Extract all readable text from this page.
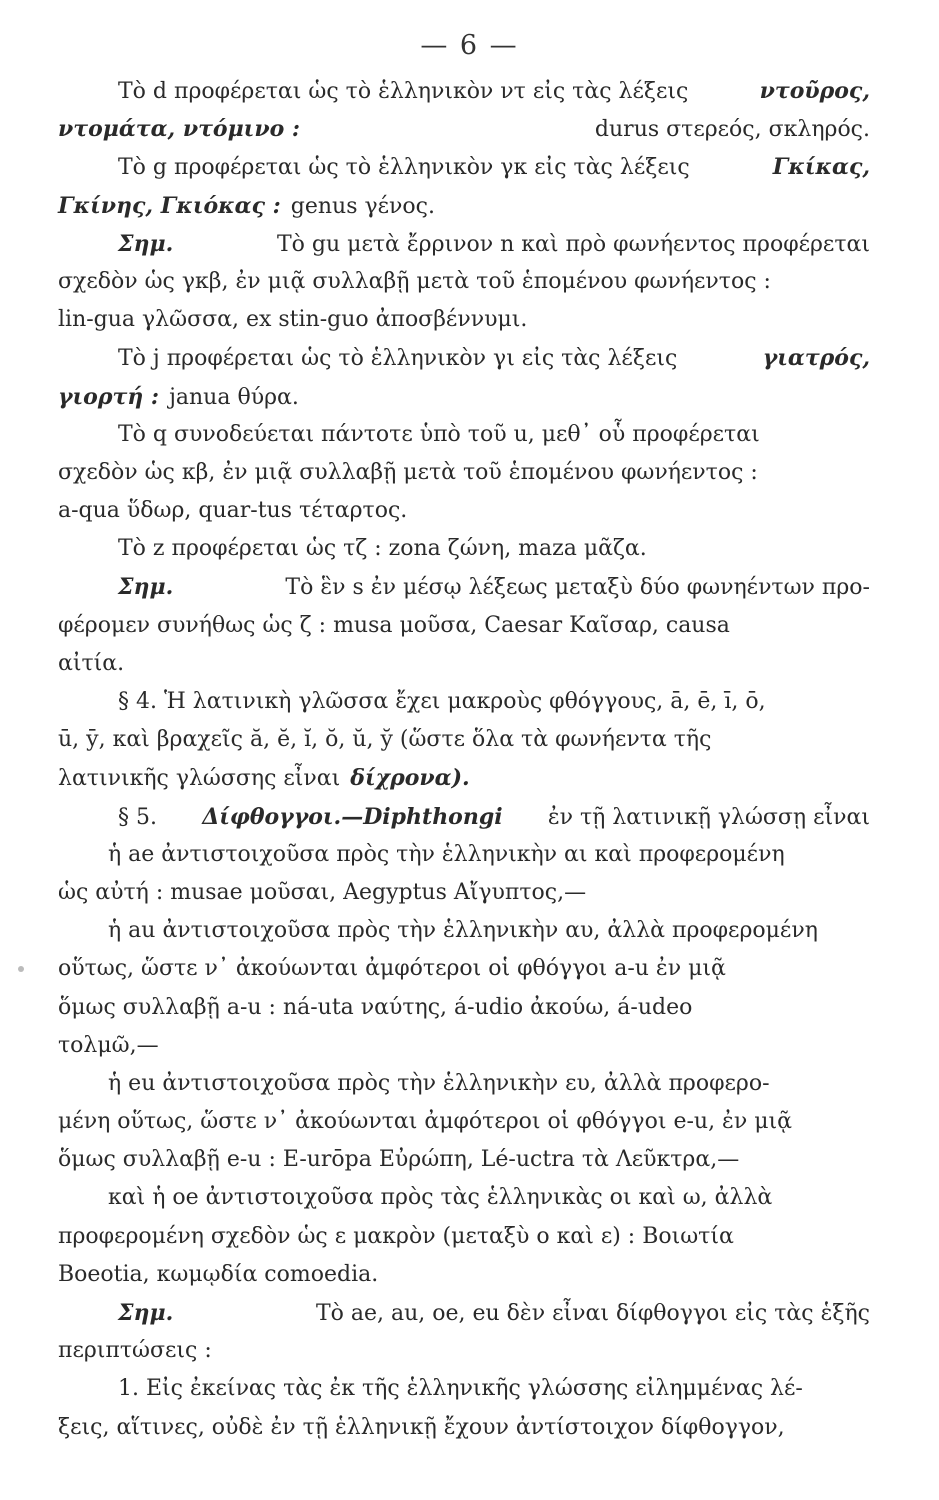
— 6 —
Τὸ d προφέρεται ὡς τὸ ἑλληνικὸν ντ εἰς τὰς λέξεις	ντοῦρος,
ντομάτα, ντόμινο :	durus στερεός, σκληρός.
Τὸ g προφέρεται ὡς τὸ ἑλληνικὸν γκ εἰς τὰς λέξεις	Γκίκας,
Γκίνης, Γκιόκας : genus γένος.
Σημ.	Τὸ gu μετὰ ἔρρινον n καὶ πρὸ φωνήεντος προφέρεται
σχεδὸν ὡς γκβ, ἐν μιᾷ συλλαβῇ μετὰ τοῦ ἑπομένου φωνήεντος :
lin-gua γλῶσσα, ex stin-guo ἀποσβέννυμι.
Τὸ j προφέρεται ὡς τὸ ἑλληνικὸν γι εἰς τὰς λέξεις	γιατρός,
γιορτή : janua θύρα.
Τὸ q συνοδεύεται πάντοτε ὑπὸ τοῦ u, μεθ᾿ οὗ προφέρεται
σχεδὸν ὡς κβ, ἐν μιᾷ συλλαβῇ μετὰ τοῦ ἑπομένου φωνήεντος :
a-qua ὕδωρ, quar-tus τέταρτος.
Τὸ z προφέρεται ὡς τζ : zona ζώνη, maza μᾶζα.
Σημ.	Τὸ ἓν s ἐν μέσῳ λέξεως μεταξὺ δύο φωνηέντων προ-
φέρομεν συνήθως ὡς ζ : musa μοῦσα, Caesar Καῖσαρ, causa
αἰτία.
§ 4. Ἡ λατινικὴ γλῶσσα ἔχει μακροὺς φθόγγους, ā, ē, ī, ō,
ū, ȳ, καὶ βραχεῖς ă, ĕ, ĭ, ŏ, ŭ, y̆ (ὥστε ὅλα τὰ φωνήεντα τῆς
λατινικῆς γλώσσης εἶναι δίχρονα).
§ 5. Δίφθογγοι.—Diphthongi ἐν τῇ λατινικῇ γλώσσῃ εἶναι
ἡ ae ἀντιστοιχοῦσα πρὸς τὴν ἑλληνικὴν αι καὶ προφερομένη
ὡς αὐτή : musae μοῦσαι, Aegyptus Αἴγυπτος,—
ἡ au ἀντιστοιχοῦσα πρὸς τὴν ἑλληνικὴν αυ, ἀλλὰ προφερομένη
οὕτως, ὥστε ν᾿ ἀκούωνται ἀμφότεροι οἱ φθόγγοι a-u ἐν μιᾷ
ὅμως συλλαβῇ a-u : ná-uta ναύτης, á-udio ἀκούω, á-udeo
τολμῶ,—
ἡ eu ἀντιστοιχοῦσα πρὸς τὴν ἑλληνικὴν ευ, ἀλλὰ προφερο-
μένη οὕτως, ὥστε ν᾿ ἀκούωνται ἀμφότεροι οἱ φθόγγοι e-u, ἐν μιᾷ
ὅμως συλλαβῇ e-u : E-urōpa Εὐρώπη, Lé-uctra τὰ Λεῦκτρα,—
καὶ ἡ oe ἀντιστοιχοῦσα πρὸς τὰς ἑλληνικὰς οι καὶ ω, ἀλλὰ
προφερομένη σχεδὸν ὡς ε μακρὸν (μεταξὺ ο καὶ ε) : Βοιωτία
Boeotia, κωμῳδία comoedia.
Σημ.	Τὸ ae, au, oe, eu δὲν εἶναι δίφθογγοι εἰς τὰς ἑξῆς
περιπτώσεις :
1. Εἰς ἐκείνας τὰς ἐκ τῆς ἑλληνικῆς γλώσσης εἰλημμένας λέ-
ξεις, αἵτινες, οὐδὲ ἐν τῇ ἑλληνικῇ ἔχουν ἀντίστοιχον δίφθογγον,
